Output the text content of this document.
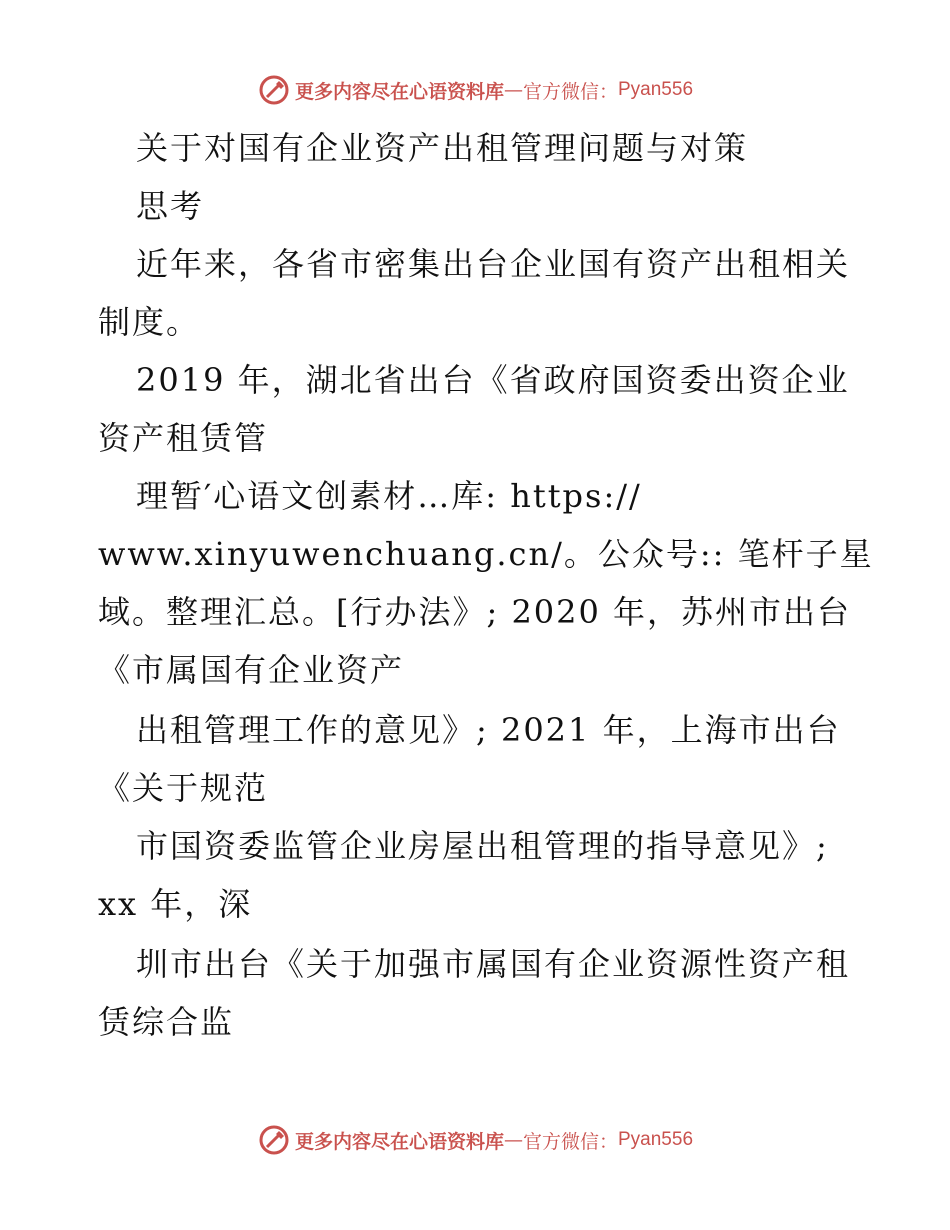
更多内容尽在心语资料库 — 官方微信： Pyan556
关于对国有企业资产出租管理问题与对策
思考
近年来，各省市密集出台企业国有资产出租相关
制度。
2019 年，湖北省出台《省政府国资委出资企业
资产租赁管
理暂′心语文创素材…库: https://
www.xinyuwenchuang.cn/。公众号:: 笔杆子星
域。整理汇总。[行办法》; 2020 年，苏州市出台
《市属国有企业资产
出租管理工作的意见》; 2021 年，上海市出台
《关于规范
市国资委监管企业房屋出租管理的指导意见》;
xx 年，深
圳市出台《关于加强市属国有企业资源性资产租
赁综合监
更多内容尽在心语资料库 — 官方微信： Pyan556
